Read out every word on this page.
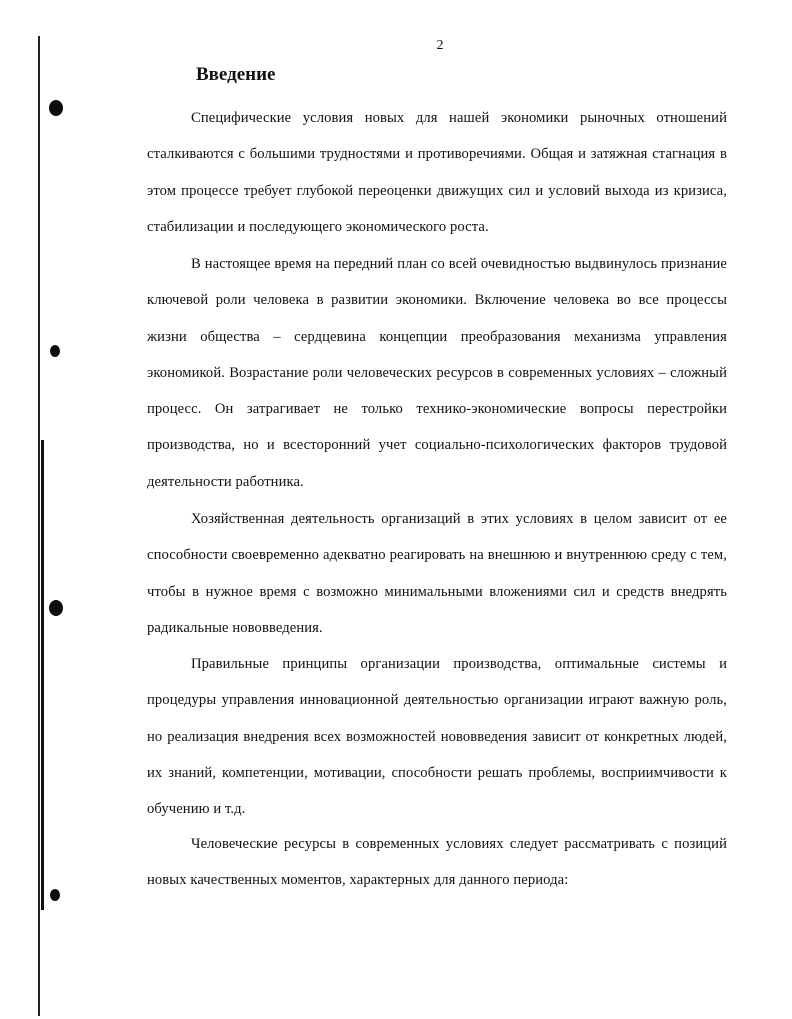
2
Введение

Специфические условия новых для нашей экономики рыночных отношений сталкиваются с большими трудностями и противоречиями. Общая и затяжная стагнация в этом процессе требует глубокой переоценки движущих сил и условий выхода из кризиса, стабилизации и последующего экономического роста.

В настоящее время на передний план со всей очевидностью выдвинулось признание ключевой роли человека в развитии экономики. Включение человека во все процессы жизни общества – сердцевина концепции преобразования механизма управления экономикой. Возрастание роли человеческих ресурсов в современных условиях – сложный процесс. Он затрагивает не только технико-экономические вопросы перестройки производства, но и всесторонний учет социально-психологических факторов трудовой деятельности работника.

Хозяйственная деятельность организаций в этих условиях в целом зависит от ее способности своевременно адекватно реагировать на внешнюю и внутреннюю среду с тем, чтобы в нужное время с возможно минимальными вложениями сил и средств внедрять радикальные нововведения.

Правильные принципы организации производства, оптимальные системы и процедуры управления инновационной деятельностью организации играют важную роль, но реализация внедрения всех возможностей нововведения зависит от конкретных людей, их знаний, компетенции, мотивации, способности решать проблемы, восприимчивости к обучению и т.д.

Человеческие ресурсы в современных условиях следует рассматривать с позиций новых качественных моментов, характерных для данного периода:
